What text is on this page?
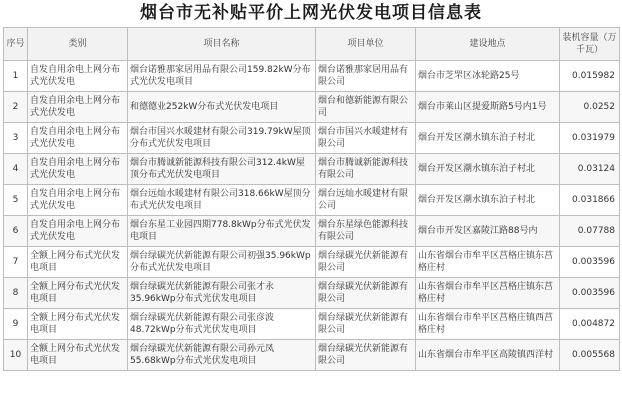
烟台市无补贴平价上网光伏发电项目信息表
序号	类别	项目名称	项目单位	建设地点	装机容量（万千瓦）
1	自发自用余电上网分布式光伏发电	烟台诺雅那家居用品有限公司159.82kW分布式光伏发电项目	烟台诺雅那家居用品有限公司	烟台市芝罘区冰轮路25号	0.015982
2	自发自用余电上网分布式光伏发电	和德德业252kW分布式光伏发电项目	烟台和德新能源有限公司	烟台市莱山区提爱斯路5号内1号	0.0252
3	自发自用余电上网分布式光伏发电	烟台市国兴水暖建材有限公司319.79kW屋顶分布式光伏发电项目	烟台市国兴水暖建材有限公司	烟台开发区潮水镇东泊子村北	0.031979
4	自发自用余电上网分布式光伏发电	烟台市腾诚新能源科技有限公司312.4kW屋顶分布式光伏发电项目	烟台市腾诚新能源科技有限公司	烟台开发区潮水镇东泊子村北	0.03124
5	自发自用余电上网分布式光伏发电	烟台远灿水暖建材有限公司318.66kW屋顶分布式光伏发电项目	烟台远灿水暖建材有限公司	烟台开发区潮水镇东泊子村北	0.031866
6	自发自用余电上网分布式光伏发电	烟台东星工业园四期778.8kWp分布式光伏发电项目	烟台东星绿色能源科技有限公司	烟台市开发区嘉陵江路88号内	0.07788
7	全额上网分布式光伏发电项目	烟台绿碳光伏新能源有限公司初强35.96kWp分布式光伏发电项目	烟台绿碳光伏新能源有限公司	山东省烟台市牟平区莒格庄镇东莒格庄村	0.003596
8	全额上网分布式光伏发电项目	烟台绿碳光伏新能源有限公司张才永35.96kWp分布式光伏发电项目	烟台绿碳光伏新能源有限公司	山东省烟台市牟平区莒格庄镇东莒格庄村	0.003596
9	全额上网分布式光伏发电项目	烟台绿碳光伏新能源有限公司张彦波48.72kWp分布式光伏发电项目	烟台绿碳光伏新能源有限公司	山东省烟台市牟平区莒格庄镇西莒格庄村	0.004872
10	全额上网分布式光伏发电项目	烟台绿碳光伏新能源有限公司孙元凤55.68kWp分布式光伏发电项目	烟台绿碳光伏新能源有限公司	山东省烟台市牟平区高陵镇西洋村	0.005568
